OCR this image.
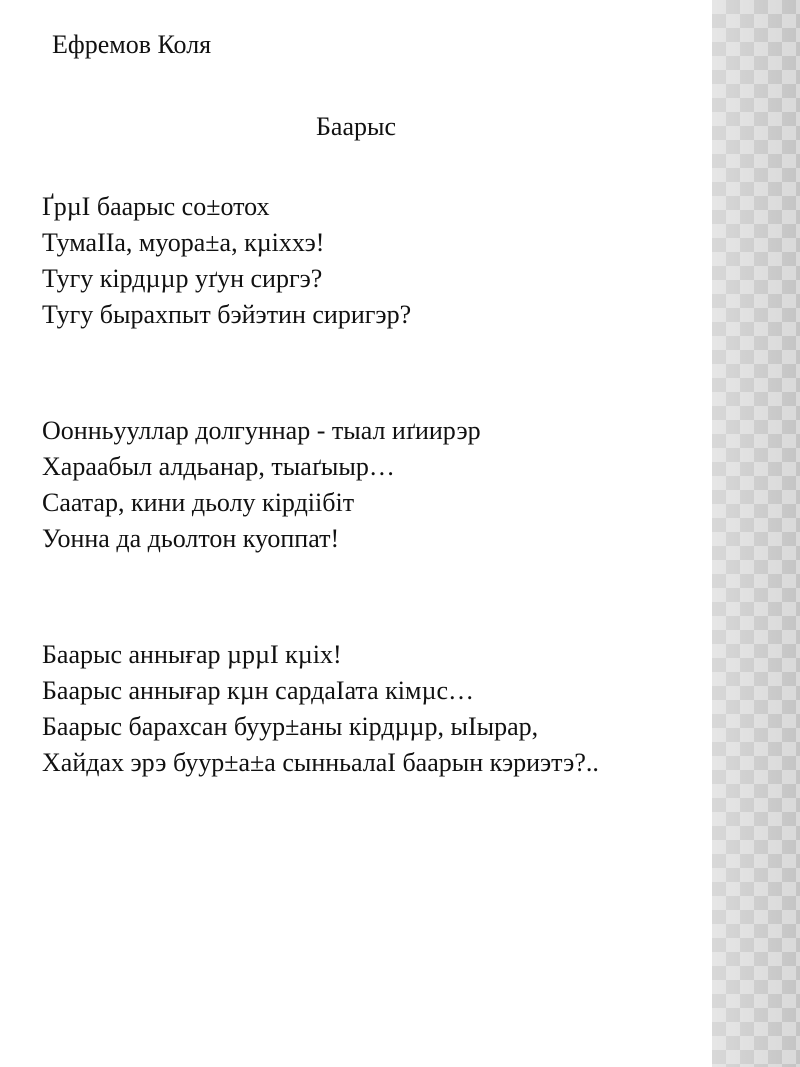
Ефремов Коля
Баарыс
ҐрµІ баарыс со±отох
ТумаІІа, муора±а, кµіххэ!
Тугу кірдµµр уґун сиргэ?
Тугу бырахпыт бэйэтин сиригэр?
Оонньууллар долгуннар - тыал иґиирэр
Хараабыл алдьанар, тыаґыыр…
Саатар, кини дьолу кірдіібіт
Уонна да дьолтон куоппат!
Баарыс аннығар µрµІ кµіх!
Баарыс аннығар кµн сардаІата кімµс…
Баарыс барахсан буур±аны кірдµµр, ыІырар,
Хайдах эрэ буур±а±а сынньалаІ баарын кэриэтэ?..
